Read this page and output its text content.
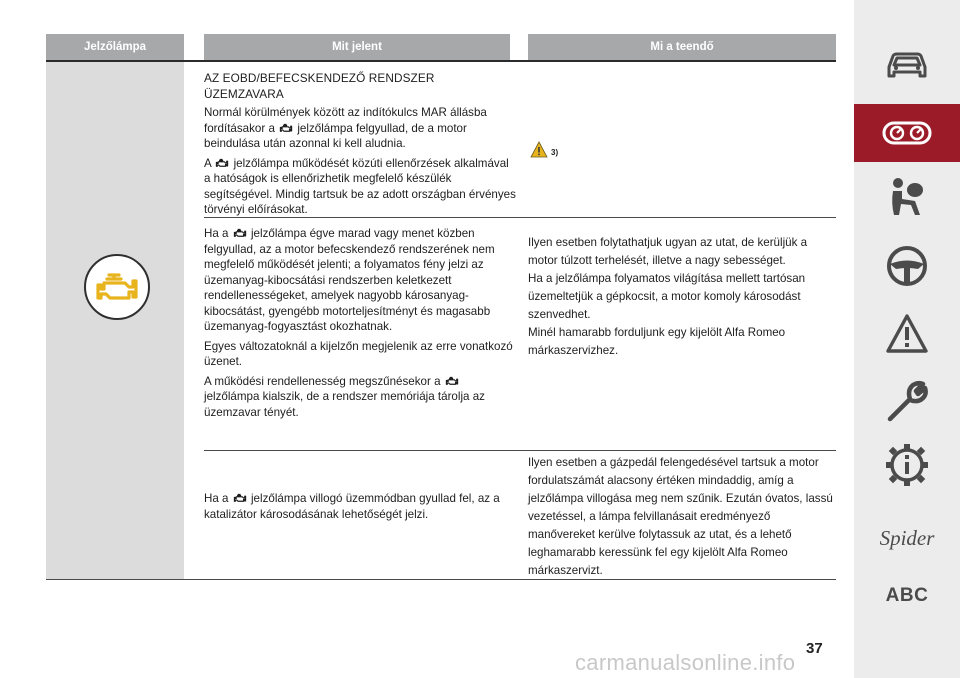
Jelzőlámpa	Mit jelent	Mi a teendő
AZ EOBD/BEFECSKENDEZŐ RENDSZER ÜZEMZAVARA

Normál körülmények között az indítókulcs MAR állásba fordításakor a jelzőlámpa felgyullad, de a motor beindulása után azonnal ki kell aludnia.

A jelzőlámpa működését közúti ellenőrzések alkalmával a hatóságok is ellenőrizhetik megfelelő készülék segítségével. Mindig tartsuk be az adott országban érvényes törvényi előírásokat.

3)

Ha a jelzőlámpa égve marad vagy menet közben felgyullad, az a motor befecskendező rendszerének nem megfelelő működését jelenti; a folyamatos fény jelzi az üzemanyag-kibocsátási rendszerben keletkezett rendellenességeket, amelyek nagyobb károsanyag-kibocsátást, gyengébb motorteljesítményt és magasabb üzemanyag-fogyasztást okozhatnak.

Egyes változatoknál a kijelzőn megjelenik az erre vonatkozó üzenet.

A működési rendellenesség megszűnésekor a  jelzőlámpa kialszik, de a rendszer memóriája tárolja az üzemzavar tényét.

Ilyen esetben folytathatjuk ugyan az utat, de kerüljük a motor túlzott terhelését, illetve a nagy sebességet.

Ha a jelzőlámpa folyamatos világítása mellett tartósan üzemeltetjük a gépkocsit, a motor komoly károsodást szenvedhet.

Minél hamarabb forduljunk egy kijelölt Alfa Romeo márkaszervizhez.

Ha a jelzőlámpa villogó üzemmódban gyullad fel, az a katalizátor károsodásának lehetőségét jelzi.

Ilyen esetben a gázpedál felengedésével tartsuk a motor fordulatszámát alacsony értéken mindaddig, amíg a jelzőlámpa villogása meg nem szűnik. Ezután óvatos, lassú vezetéssel, a lámpa felvillanásait eredményező manővereket kerülve folytassuk az utat, és a lehető leghamarabb keressünk fel egy kijelölt Alfa Romeo márkaszervizt.

Spider
ABC
37
carmanualsonline.info
